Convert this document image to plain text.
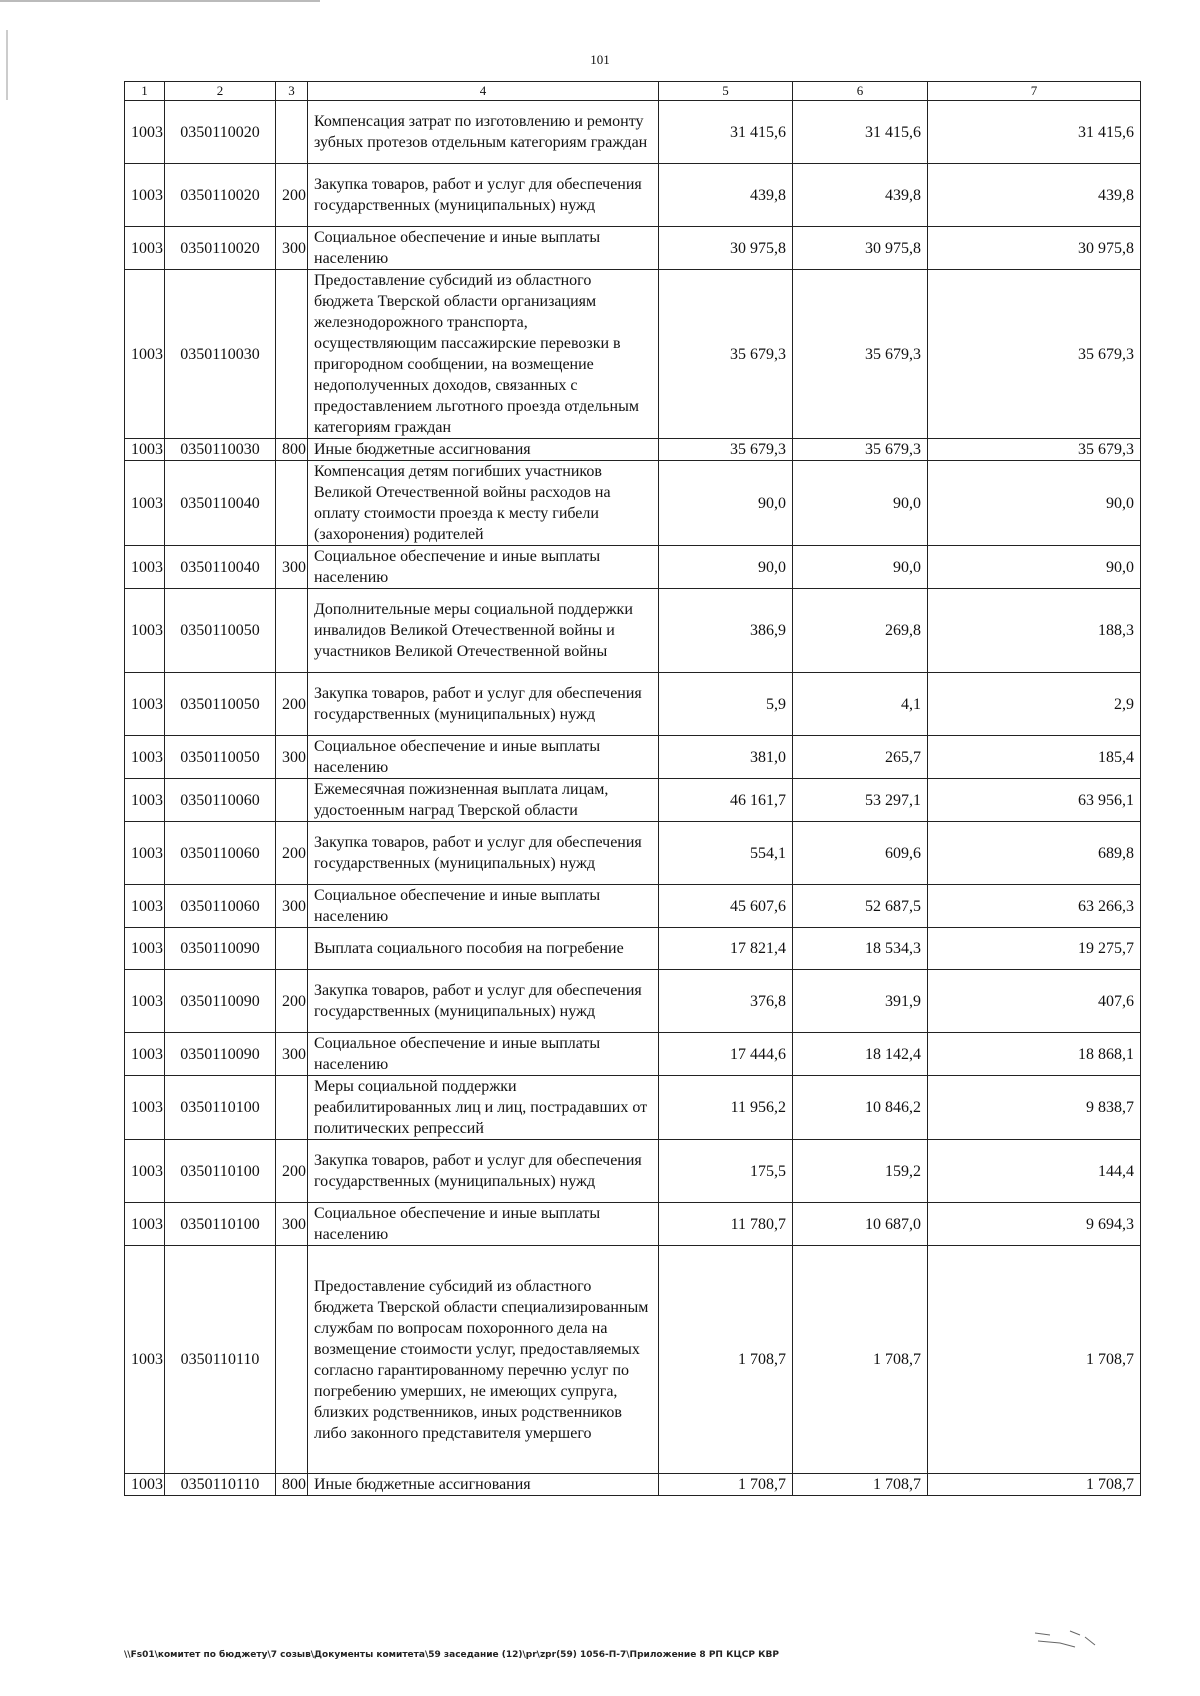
101
1	2	3	4	5	6	7
1003	0350110020		Компенсация затрат по изготовлению и ремонту зубных протезов отдельным категориям граждан	31 415,6	31 415,6	31 415,6
1003	0350110020	200	Закупка товаров, работ и услуг для обеспечения государственных (муниципальных) нужд	439,8	439,8	439,8
1003	0350110020	300	Социальное обеспечение и иные выплаты населению	30 975,8	30 975,8	30 975,8
1003	0350110030		Предоставление субсидий из областного бюджета Тверской области организациям железнодорожного транспорта, осуществляющим пассажирские перевозки в пригородном сообщении, на возмещение недополученных доходов, связанных с предоставлением льготного проезда отдельным категориям граждан	35 679,3	35 679,3	35 679,3
1003	0350110030	800	Иные бюджетные ассигнования	35 679,3	35 679,3	35 679,3
1003	0350110040		Компенсация детям погибших участников Великой Отечественной войны расходов на оплату стоимости проезда к месту гибели (захоронения) родителей	90,0	90,0	90,0
1003	0350110040	300	Социальное обеспечение и иные выплаты населению	90,0	90,0	90,0
1003	0350110050		Дополнительные меры социальной поддержки инвалидов Великой Отечественной войны и участников Великой Отечественной войны	386,9	269,8	188,3
1003	0350110050	200	Закупка товаров, работ и услуг для обеспечения государственных (муниципальных) нужд	5,9	4,1	2,9
1003	0350110050	300	Социальное обеспечение и иные выплаты населению	381,0	265,7	185,4
1003	0350110060		Ежемесячная пожизненная выплата лицам, удостоенным наград Тверской области	46 161,7	53 297,1	63 956,1
1003	0350110060	200	Закупка товаров, работ и услуг для обеспечения государственных (муниципальных) нужд	554,1	609,6	689,8
1003	0350110060	300	Социальное обеспечение и иные выплаты населению	45 607,6	52 687,5	63 266,3
1003	0350110090		Выплата социального пособия на погребение	17 821,4	18 534,3	19 275,7
1003	0350110090	200	Закупка товаров, работ и услуг для обеспечения государственных (муниципальных) нужд	376,8	391,9	407,6
1003	0350110090	300	Социальное обеспечение и иные выплаты населению	17 444,6	18 142,4	18 868,1
1003	0350110100		Меры социальной поддержки реабилитированных лиц и лиц, пострадавших от политических репрессий	11 956,2	10 846,2	9 838,7
1003	0350110100	200	Закупка товаров, работ и услуг для обеспечения государственных (муниципальных) нужд	175,5	159,2	144,4
1003	0350110100	300	Социальное обеспечение и иные выплаты населению	11 780,7	10 687,0	9 694,3
1003	0350110110		Предоставление субсидий из областного бюджета Тверской области специализированным службам по вопросам похоронного дела на возмещение стоимости услуг, предоставляемых согласно гарантированному перечню услуг по погребению умерших, не имеющих супруга, близких родственников, иных родственников либо законного представителя умершего	1 708,7	1 708,7	1 708,7
1003	0350110110	800	Иные бюджетные ассигнования	1 708,7	1 708,7	1 708,7
\\Fs01\комитет по бюджету\7 созыв\Документы комитета\59 заседание (12)\pr\zpr(59) 1056-П-7\Приложение 8 РП КЦСР КВР
